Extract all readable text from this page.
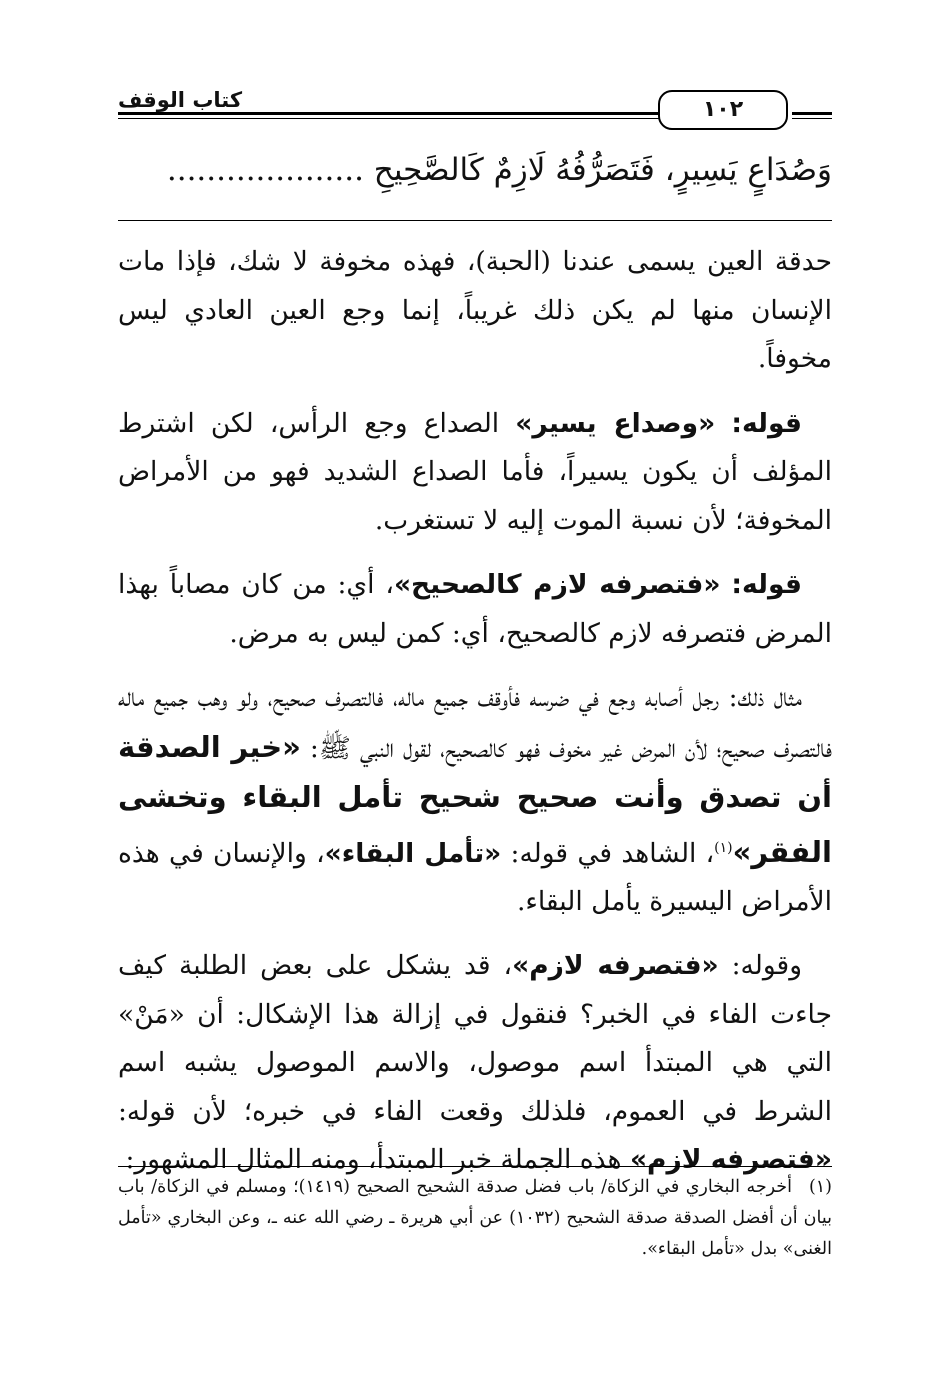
كتاب الوقف	١٠٢
وَصُدَاعٍ يَسِيرٍ، فَتَصَرُّفُهُ لَازِمٌ كَالصَّحِيحِ ....................

حدقة العين يسمى عندنا (الحبة)، فهذه مخوفة لا شك، فإذا مات الإنسان منها لم يكن ذلك غريباً، إنما وجع العين العادي ليس مخوفاً.

قوله: «وصداع يسير» الصداع وجع الرأس، لكن اشترط المؤلف أن يكون يسيراً، فأما الصداع الشديد فهو من الأمراض المخوفة؛ لأن نسبة الموت إليه لا تستغرب.

قوله: «فتصرفه لازم كالصحيح»، أي: من كان مصاباً بهذا المرض فتصرفه لازم كالصحيح، أي: كمن ليس به مرض.

مثال ذلك: رجل أصابه وجع في ضرسه فأوقف جميع ماله، فالتصرف صحيح، ولو وهب جميع ماله فالتصرف صحيح؛ لأن المرض غير مخوف فهو كالصحيح، لقول النبي ﷺ: «خير الصدقة أن تصدق وأنت صحيح شحيح تأمل البقاء وتخشى الفقر»$^{(١)}$، الشاهد في قوله: «تأمل البقاء»، والإنسان في هذه الأمراض اليسيرة يأمل البقاء.

وقوله: «فتصرفه لازم»، قد يشكل على بعض الطلبة كيف جاءت الفاء في الخبر؟ فنقول في إزالة هذا الإشكال: أن «مَنْ» التي هي المبتدأ اسم موصول، والاسم الموصول يشبه اسم الشرط في العموم، فلذلك وقعت الفاء في خبره؛ لأن قوله: «فتصرفه لازم» هذه الجملة خبر المبتدأ، ومنه المثال المشهور:

(١)أخرجه البخاري في الزكاة/ باب فضل صدقة الشحيح الصحيح (١٤١٩)؛ ومسلم في الزكاة/ باب بيان أن أفضل الصدقة صدقة الشحيح (١٠٣٢) عن أبي هريرة ـ رضي الله عنه ـ، وعن البخاري «تأمل الغنى» بدل «تأمل البقاء».
